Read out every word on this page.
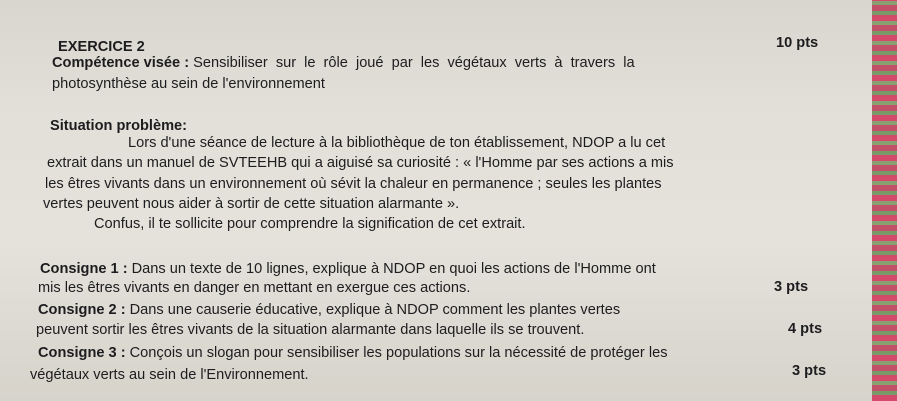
EXERCICE 2	10 pts
Compétence visée : Sensibiliser sur le rôle joué par les végétaux verts à travers la
photosynthèse au sein de l'environnement
Situation problème:
Lors d'une séance de lecture à la bibliothèque de ton établissement, NDOP a lu cet
extrait dans un manuel de SVTEEHB qui a aiguisé sa curiosité : « l'Homme par ses actions a mis
les êtres vivants dans un environnement où sévit la chaleur en permanence ; seules les plantes
vertes peuvent nous aider à sortir de cette situation alarmante ».
Confus, il te sollicite pour comprendre la signification de cet extrait.
Consigne 1 : Dans un texte de 10 lignes, explique à NDOP en quoi les actions de l'Homme ont
mis les êtres vivants en danger en mettant en exergue ces actions.	3 pts
Consigne 2 : Dans une causerie éducative, explique à NDOP comment les plantes vertes
peuvent sortir les êtres vivants de la situation alarmante dans laquelle ils se trouvent.	4 pts
Consigne 3 : Conçois un slogan pour sensibiliser les populations sur la nécessité de protéger les
végétaux verts au sein de l'Environnement.	3 pts
